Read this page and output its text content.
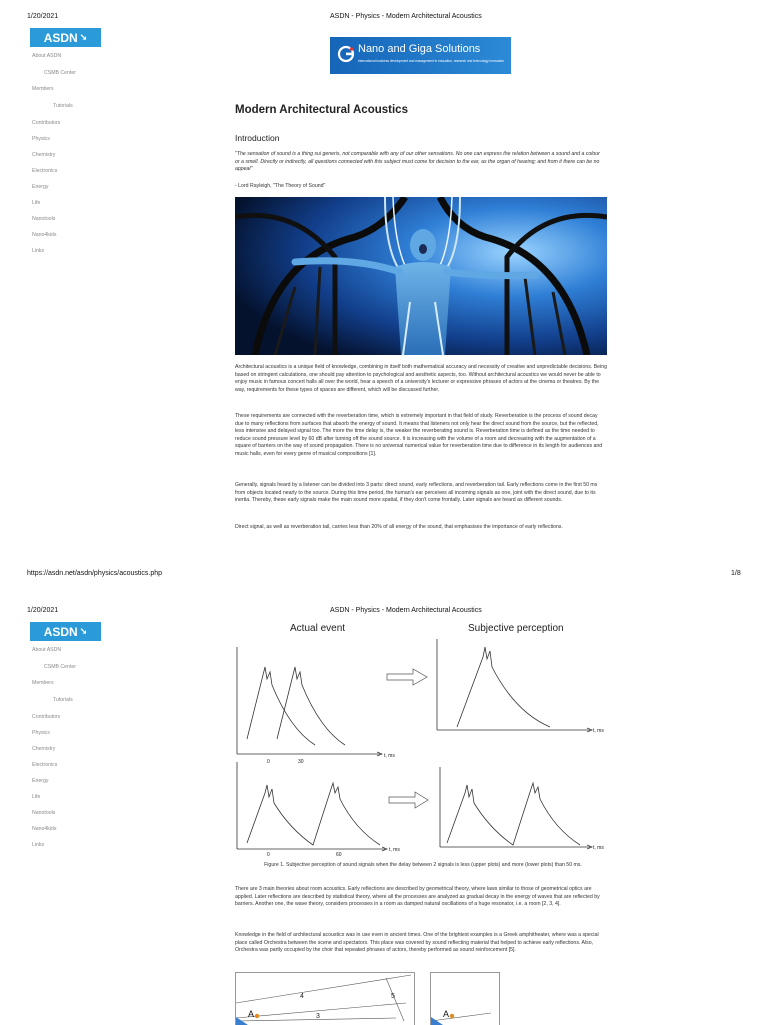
1/20/2021	ASDN - Physics - Modern Architectural Acoustics
ASDN ➘
Nano and Giga Solutions
International business development and management in education, research and technology innovation
About ASDN
CSMB Center
Members
Tutorials
Contributors
Physics
Chemistry
Electronics
Energy
Life
Nanotools
Nano4kids
Links
Modern Architectural Acoustics
Introduction
"The sensation of sound is a thing sui generis, not comparable with any of our other sensations. No one can express the relation between a sound and a colour or a smell. Directly or indirectly, all questions connected with this subject must come for decision to the ear, as the organ of hearing; and from it there can be no appeal"
- Lord Rayleigh, "The Theory of Sound"
Architectural acoustics is a unique field of knowledge, combining in itself both mathematical accuracy and necessity of creative and unpredictable decisions. Being based on stringent calculations, one should pay attention to psychological and aesthetic aspects, too. Without architectural acoustics we would never be able to enjoy music in famous concert halls all over the world, hear a speech of a university's lecturer or expressive phrases of actors at the cinema or theatres. By the way, requirements for these types of spaces are different, which will be discussed further.
These requirements are connected with the reverberation time, which is extremely important in that field of study. Reverberation is the process of sound decay due to many reflections from surfaces that absorb the energy of sound. It means that listeners not only hear the direct sound from the source, but the reflected, less intensive and delayed signal too. The more the time delay is, the weaker the reverberating sound is. Reverberation time is defined as the time needed to reduce sound pressure level by 60 dB after turning off the sound source. It is increasing with the volume of a room and decreasing with the augmentation of a square of barriers on the way of sound propagation. There is no universal numerical value for reverberation time due to difference in its length for audiences and music halls, even for every genre of musical compositions [1].
Generally, signals heard by a listener can be divided into 3 parts: direct sound, early reflections, and reverberation tail. Early reflections come in the first 50 ms from objects located nearly to the source. During this time period, the human's ear perceives all incoming signals as one, joint with the direct sound, due to its inertia. Thereby, these early signals make the main sound more spatial, if they don't come frontally. Later signals are heard as different sounds.
Direct signal, as well as reverberation tail, carries less than 20% of all energy of the sound, that emphasises the importance of early reflections.
https://asdn.net/asdn/physics/acoustics.php	1/8
1/20/2021	ASDN - Physics - Modern Architectural Acoustics
ASDN ➘
About ASDN
CSMB Center
Members
Tutorials
Contributors
Physics
Chemistry
Electronics
Energy
Life
Nanotools
Nano4kids
Links
Actual event	Subjective perception
t, ms
0	30
t, ms
t, ms
0	60
t, ms
Figure 1. Subjective perception of sound signals when the delay between 2 signals is less (upper plots) and more (lower plots) than 50 ms.
There are 3 main theories about room acoustics. Early reflections are described by geometrical theory, where laws similar to those of geometrical optics are applied. Later reflections are described by statistical theory, where all the processes are analyzed as gradual decay in the energy of waves that are reflected by barriers. Another one, the wave theory, considers processes in a room as damped natural oscillations of a huge resonator, i.e. a room [2, 3, 4].
Knowledge in the field of architectural acoustics was in use even in ancient times. One of the brightest examples is a Greek amphitheater, where was a special place called Orchestra between the scene and spectators. This place was covered by sound reflecting material that helped to achieve early reflections. Also, Orchestra was partly occupied by the choir that repeated phrases of actors, thereby performed as sound reinforcement [5].
4	5
3
A	A
